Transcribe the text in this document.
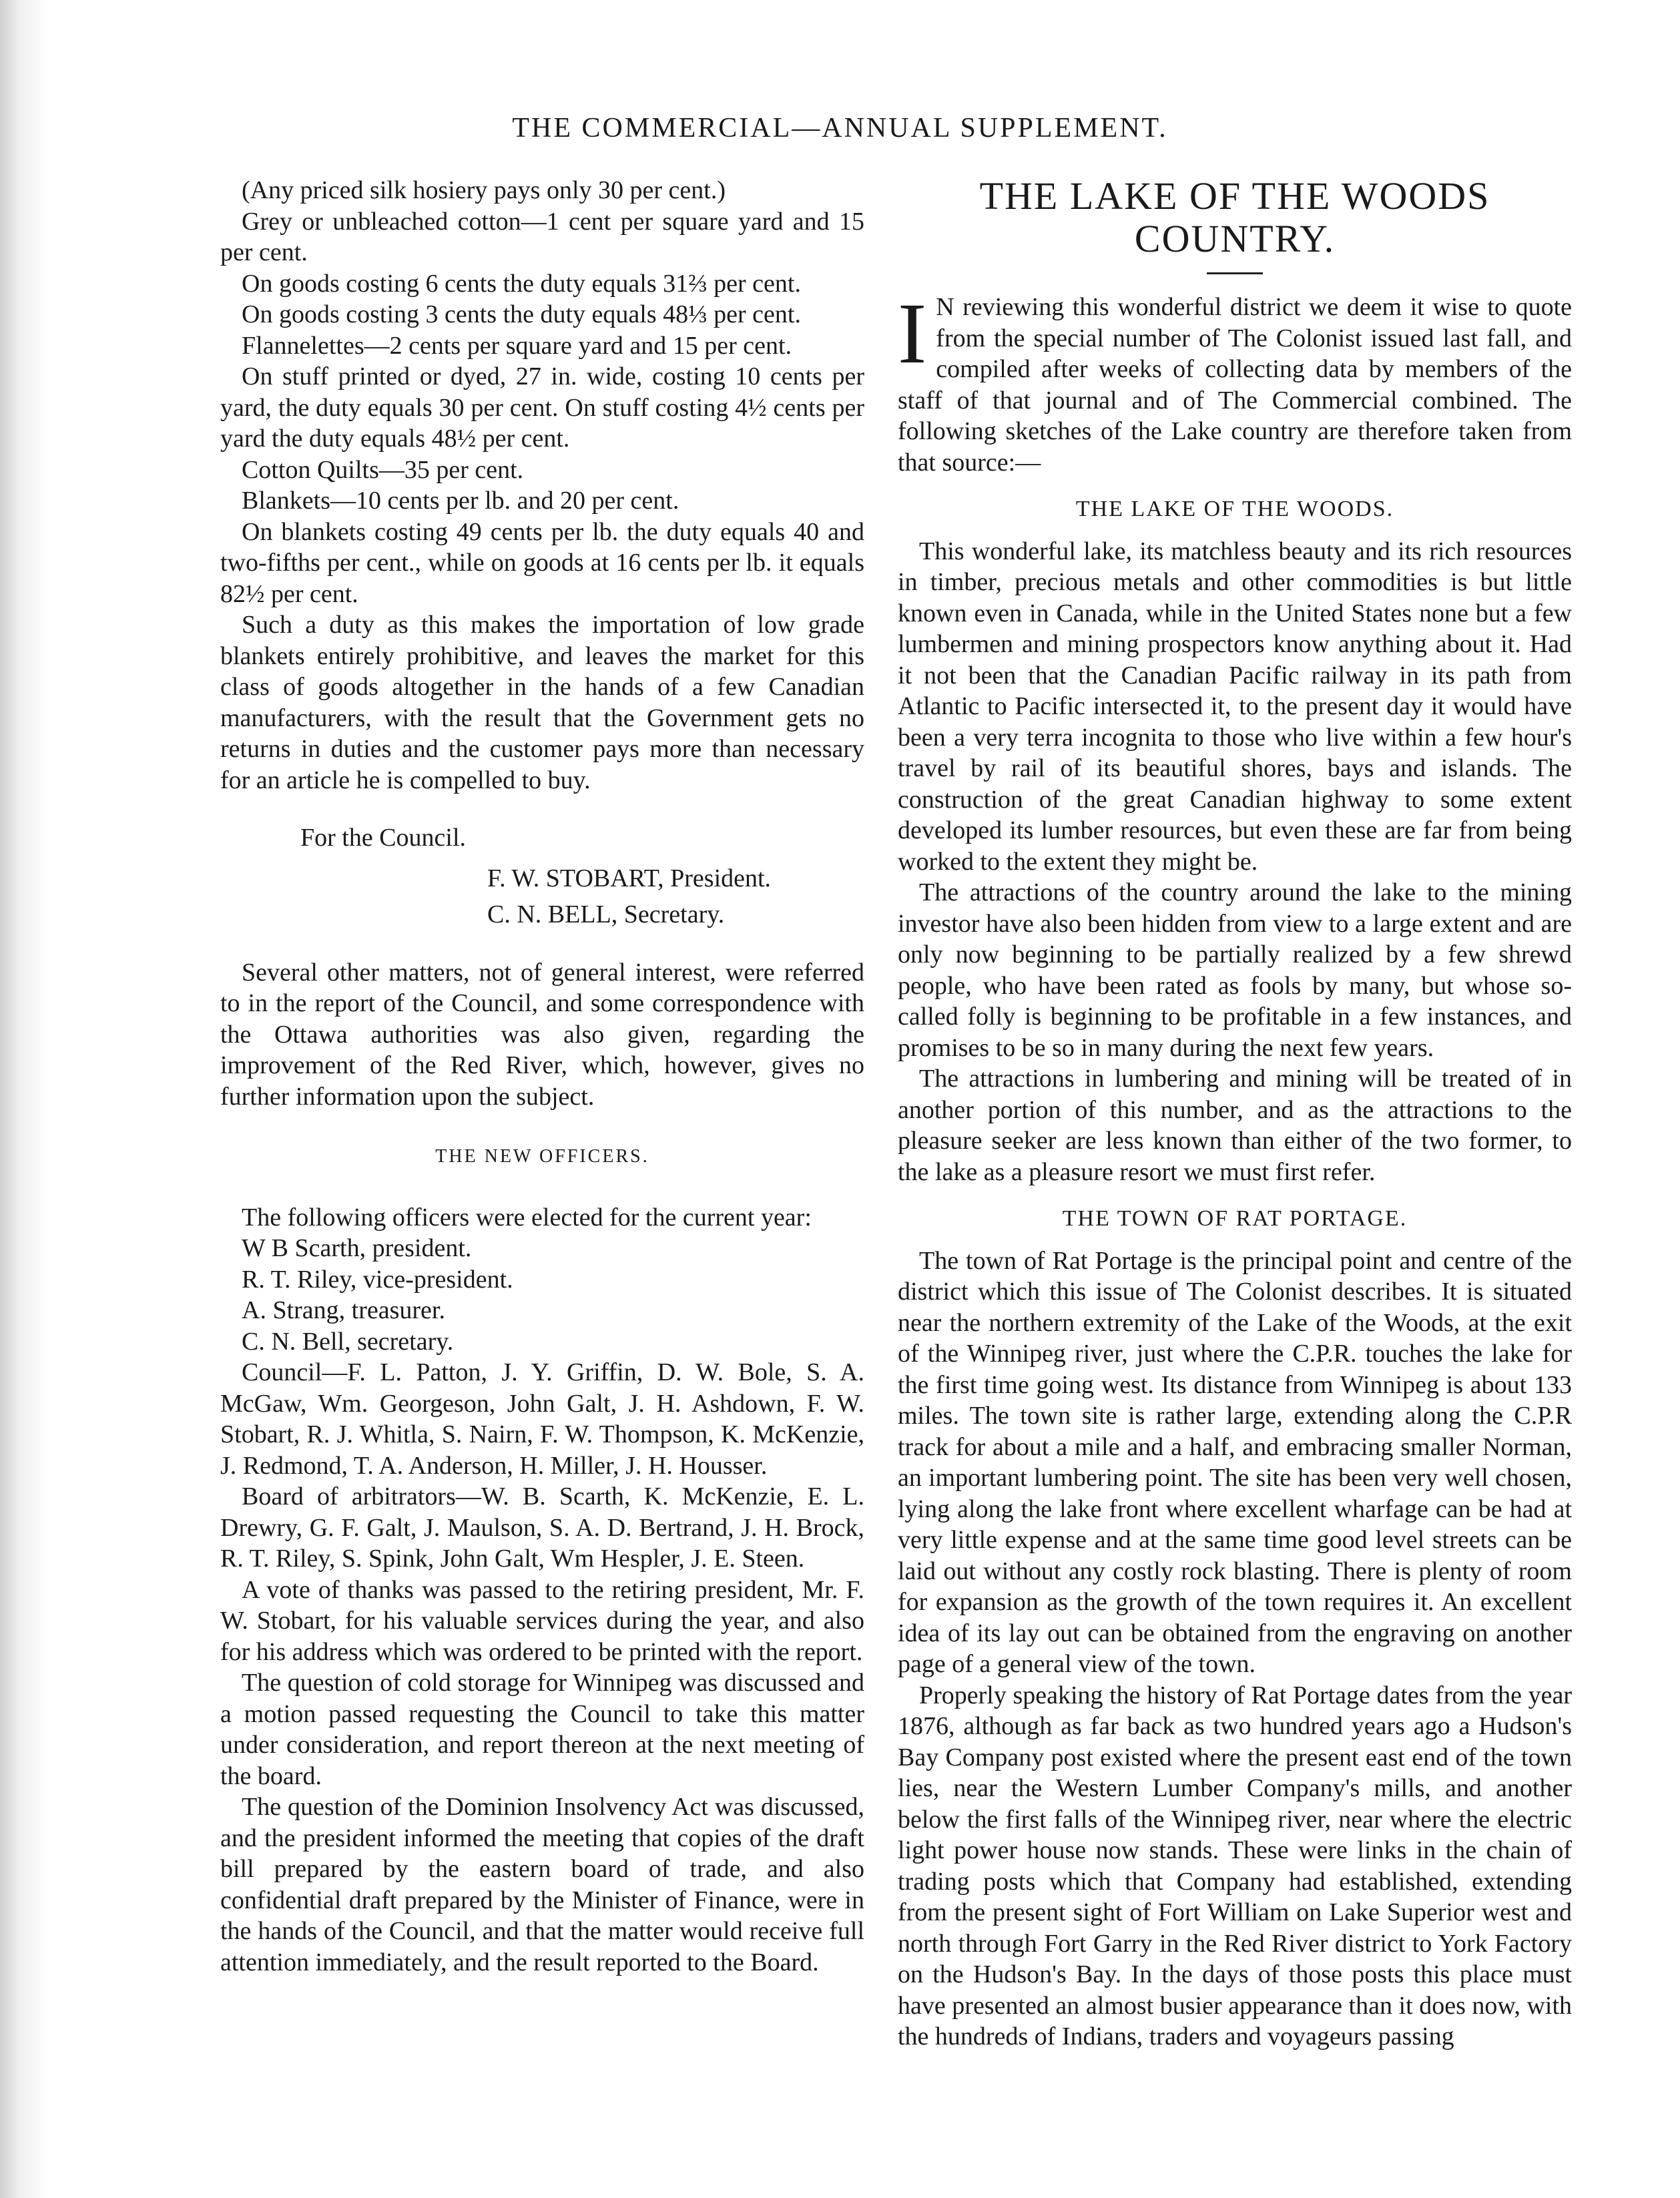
THE COMMERCIAL—ANNUAL SUPPLEMENT.

(Any priced silk hosiery pays only 30 per cent.)

Grey or unbleached cotton—1 cent per square yard and 15 per cent.

On goods costing 6 cents the duty equals 31⅔ per cent.

On goods costing 3 cents the duty equals 48⅓ per cent.

Flannelettes—2 cents per square yard and 15 per cent.

On stuff printed or dyed, 27 in. wide, costing 10 cents per yard, the duty equals 30 per cent. On stuff costing 4½ cents per yard the duty equals 48½ per cent.

Cotton Quilts—35 per cent.

Blankets—10 cents per lb. and 20 per cent.

On blankets costing 49 cents per lb. the duty equals 40 and two-fifths per cent., while on goods at 16 cents per lb. it equals 82½ per cent.

Such a duty as this makes the importation of low grade blankets entirely prohibitive, and leaves the market for this class of goods altogether in the hands of a few Canadian manufacturers, with the result that the Government gets no returns in duties and the customer pays more than necessary for an article he is compelled to buy.

For the Council.

F. W. STOBART, President.

C. N. BELL, Secretary.

Several other matters, not of general interest, were referred to in the report of the Council, and some correspondence with the Ottawa authorities was also given, regarding the improvement of the Red River, which, however, gives no further information upon the subject.

THE NEW OFFICERS.

The following officers were elected for the current year:

W B Scarth, president.

R. T. Riley, vice-president.

A. Strang, treasurer.

C. N. Bell, secretary.

Council—F. L. Patton, J. Y. Griffin, D. W. Bole, S. A. McGaw, Wm. Georgeson, John Galt, J. H. Ashdown, F. W. Stobart, R. J. Whitla, S. Nairn, F. W. Thompson, K. McKenzie, J. Redmond, T. A. Anderson, H. Miller, J. H. Housser.

Board of arbitrators—W. B. Scarth, K. McKenzie, E. L. Drewry, G. F. Galt, J. Maulson, S. A. D. Bertrand, J. H. Brock, R. T. Riley, S. Spink, John Galt, Wm Hespler, J. E. Steen.

A vote of thanks was passed to the retiring president, Mr. F. W. Stobart, for his valuable services during the year, and also for his address which was ordered to be printed with the report.

The question of cold storage for Winnipeg was discussed and a motion passed requesting the Council to take this matter under consideration, and report thereon at the next meeting of the board.

The question of the Dominion Insolvency Act was discussed, and the president informed the meeting that copies of the draft bill prepared by the eastern board of trade, and also confidential draft prepared by the Minister of Finance, were in the hands of the Council, and that the matter would receive full attention immediately, and the result reported to the Board.

THE LAKE OF THE WOODS
COUNTRY.

I N reviewing this wonderful district we deem it wise to quote from the special number of The Colonist issued last fall, and compiled after weeks of collecting data by members of the staff of that journal and of The Commercial combined. The following sketches of the Lake country are therefore taken from that source:—

THE LAKE OF THE WOODS.

This wonderful lake, its matchless beauty and its rich resources in timber, precious metals and other commodities is but little known even in Canada, while in the United States none but a few lumbermen and mining prospectors know anything about it. Had it not been that the Canadian Pacific railway in its path from Atlantic to Pacific intersected it, to the present day it would have been a very terra incognita to those who live within a few hour's travel by rail of its beautiful shores, bays and islands. The construction of the great Canadian highway to some extent developed its lumber resources, but even these are far from being worked to the extent they might be.

The attractions of the country around the lake to the mining investor have also been hidden from view to a large extent and are only now beginning to be partially realized by a few shrewd people, who have been rated as fools by many, but whose so-called folly is beginning to be profitable in a few instances, and promises to be so in many during the next few years.

The attractions in lumbering and mining will be treated of in another portion of this number, and as the attractions to the pleasure seeker are less known than either of the two former, to the lake as a pleasure resort we must first refer.

THE TOWN OF RAT PORTAGE.

The town of Rat Portage is the principal point and centre of the district which this issue of The Colonist describes. It is situated near the northern extremity of the Lake of the Woods, at the exit of the Winnipeg river, just where the C.P.R. touches the lake for the first time going west. Its distance from Winnipeg is about 133 miles. The town site is rather large, extending along the C.P.R track for about a mile and a half, and embracing smaller Norman, an important lumbering point. The site has been very well chosen, lying along the lake front where excellent wharfage can be had at very little expense and at the same time good level streets can be laid out without any costly rock blasting. There is plenty of room for expansion as the growth of the town requires it. An excellent idea of its lay out can be obtained from the engraving on another page of a general view of the town.

Properly speaking the history of Rat Portage dates from the year 1876, although as far back as two hundred years ago a Hudson's Bay Company post existed where the present east end of the town lies, near the Western Lumber Company's mills, and another below the first falls of the Winnipeg river, near where the electric light power house now stands. These were links in the chain of trading posts which that Company had established, extending from the present sight of Fort William on Lake Superior west and north through Fort Garry in the Red River district to York Factory on the Hudson's Bay. In the days of those posts this place must have presented an almost busier appearance than it does now, with the hundreds of Indians, traders and voyageurs passing
